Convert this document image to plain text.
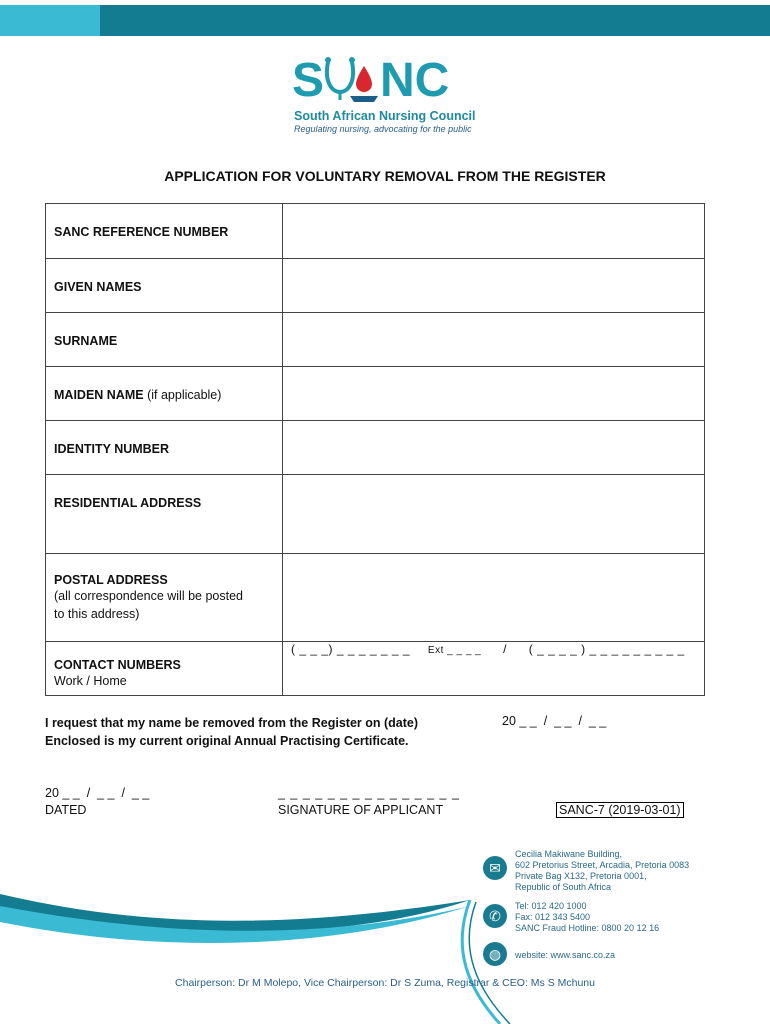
S NC
South African Nursing Council
Regulating nursing, advocating for the public
APPLICATION FOR VOLUNTARY REMOVAL FROM THE REGISTER
SANC REFERENCE NUMBER	
GIVEN NAMES	
SURNAME	
MAIDEN NAME (if applicable)	
IDENTITY NUMBER	
RESIDENTIAL ADDRESS	
POSTAL ADDRESS
(all correspondence will be posted
to this address)	

CONTACT NUMBERS
Work / Home	( _ _ _) _ _ _ _ _ _ _ Ext _ _ _ _ / ( _ _ _ _ ) _ _ _ _ _ _ _ _ _
I request that my name be removed from the Register on (date)
Enclosed is my current original Annual Practising Certificate.
20 _ _  /  _ _  /  _ _
20 _ _  /  _ _  /  _ _
DATED
_ _ _ _ _ _ _ _ _ _ _ _ _ _ _
SIGNATURE OF APPLICANT	SANC-7 (2019-03-01)
✉
✆
◍
Cecilia Makiwane Building,
602 Pretorius Street, Arcadia, Pretoria 0083
Private Bag X132, Pretoria 0001,
Republic of South Africa
Tel: 012 420 1000
Fax: 012 343 5400
SANC Fraud Hotline: 0800 20 12 16
website: www.sanc.co.za
Chairperson: Dr M Molepo, Vice Chairperson: Dr S Zuma, Registrar & CEO: Ms S Mchunu
